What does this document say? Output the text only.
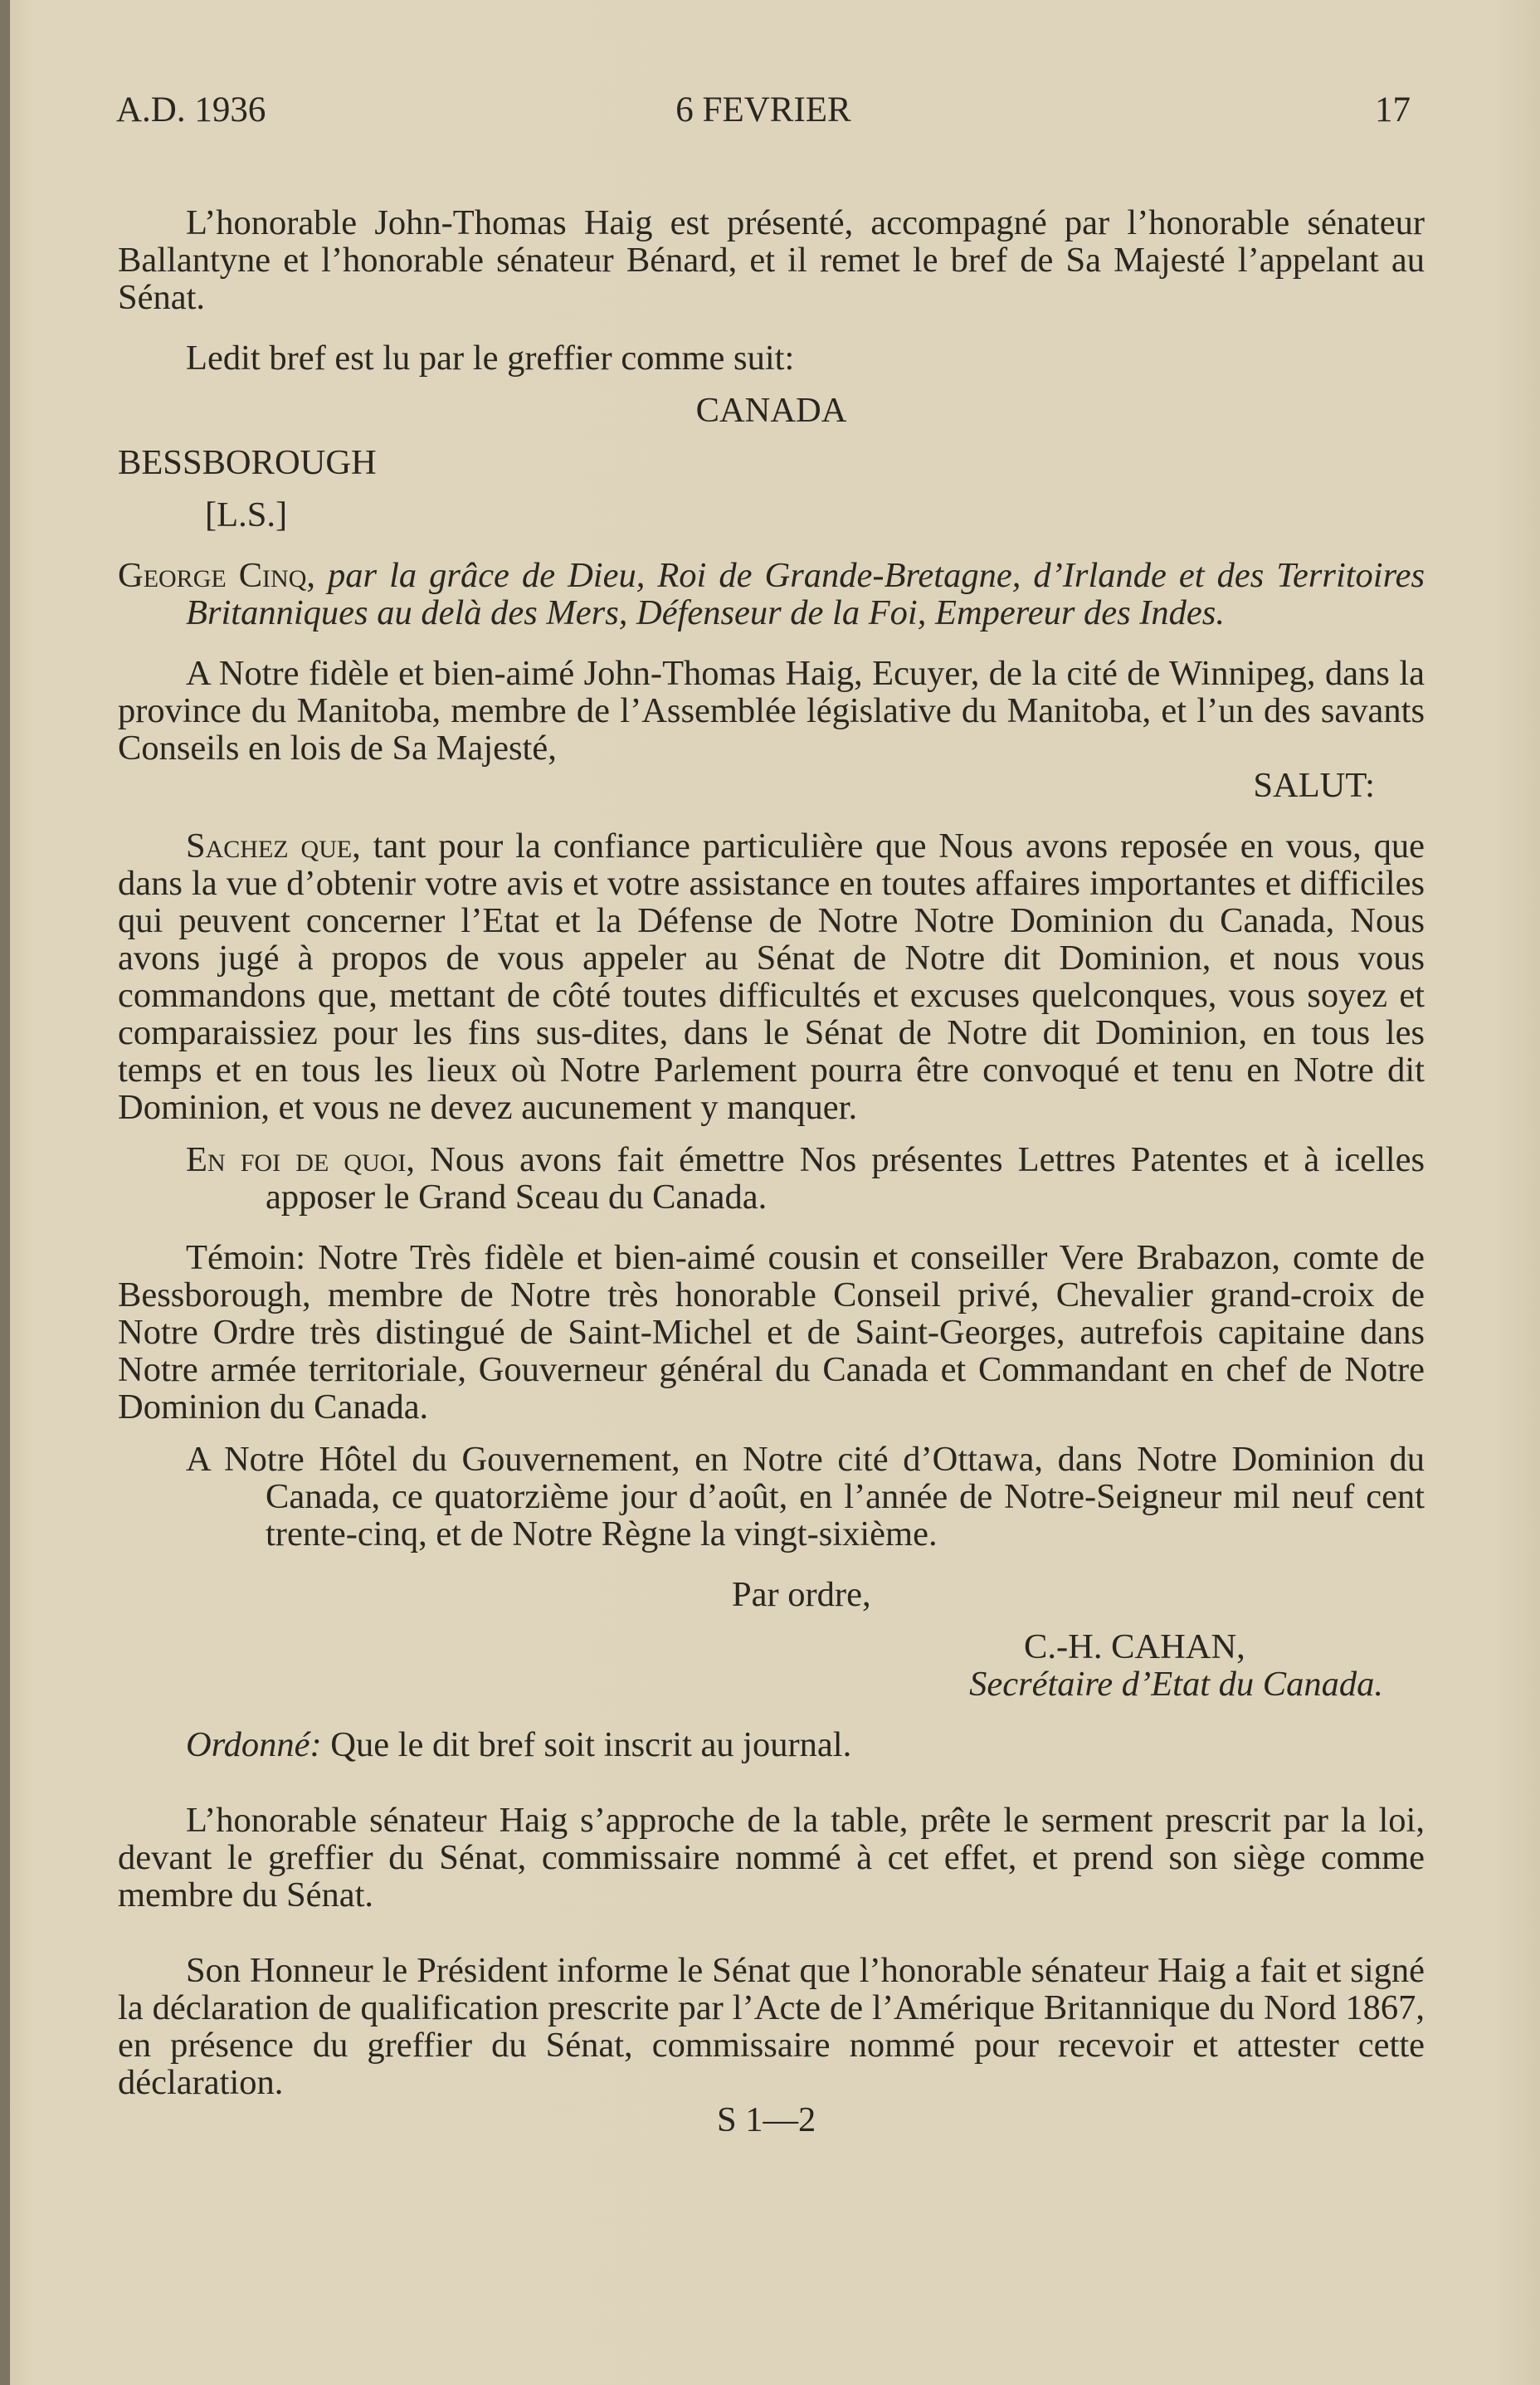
A.D. 1936	6 FEVRIER	17

L’honorable John-Thomas Haig est présenté, accompagné par l’honorable sénateur Ballantyne et l’honorable sénateur Bénard, et il remet le bref de Sa Majesté l’appelant au Sénat.

Ledit bref est lu par le greffier comme suit:

CANADA

BESSBOROUGH

[L.S.]

George Cinq, par la grâce de Dieu, Roi de Grande-Bretagne, d’Irlande et des Territoires Britanniques au delà des Mers, Défenseur de la Foi, Empereur des Indes.

A Notre fidèle et bien-aimé John-Thomas Haig, Ecuyer, de la cité de Winnipeg, dans la province du Manitoba, membre de l’Assemblée législative du Manitoba, et l’un des savants Conseils en lois de Sa Majesté,

SALUT:

Sachez que, tant pour la confiance particulière que Nous avons reposée en vous, que dans la vue d’obtenir votre avis et votre assistance en toutes affaires importantes et difficiles qui peuvent concerner l’Etat et la Défense de Notre Notre Dominion du Canada, Nous avons jugé à propos de vous appeler au Sénat de Notre dit Dominion, et nous vous commandons que, mettant de côté toutes difficultés et excuses quelconques, vous soyez et comparaissiez pour les fins sus-dites, dans le Sénat de Notre dit Dominion, en tous les temps et en tous les lieux où Notre Parlement pourra être convoqué et tenu en Notre dit Dominion, et vous ne devez aucunement y manquer.

En foi de quoi, Nous avons fait émettre Nos présentes Lettres Patentes et à icelles apposer le Grand Sceau du Canada.

Témoin: Notre Très fidèle et bien-aimé cousin et conseiller Vere Brabazon, comte de Bessborough, membre de Notre très honorable Conseil privé, Chevalier grand-croix de Notre Ordre très distingué de Saint-Michel et de Saint-Georges, autrefois capitaine dans Notre armée territoriale, Gouverneur général du Canada et Commandant en chef de Notre Dominion du Canada.

A Notre Hôtel du Gouvernement, en Notre cité d’Ottawa, dans Notre Dominion du Canada, ce quatorzième jour d’août, en l’année de Notre-Seigneur mil neuf cent trente-cinq, et de Notre Règne la vingt-sixième.

Par ordre,

C.-H. CAHAN,

Secrétaire d’Etat du Canada.

Ordonné: Que le dit bref soit inscrit au journal.

L’honorable sénateur Haig s’approche de la table, prête le serment prescrit par la loi, devant le greffier du Sénat, commissaire nommé à cet effet, et prend son siège comme membre du Sénat.

Son Honneur le Président informe le Sénat que l’honorable sénateur Haig a fait et signé la déclaration de qualification prescrite par l’Acte de l’Amérique Britannique du Nord 1867, en présence du greffier du Sénat, commissaire nommé pour recevoir et attester cette déclaration.

S 1—2
